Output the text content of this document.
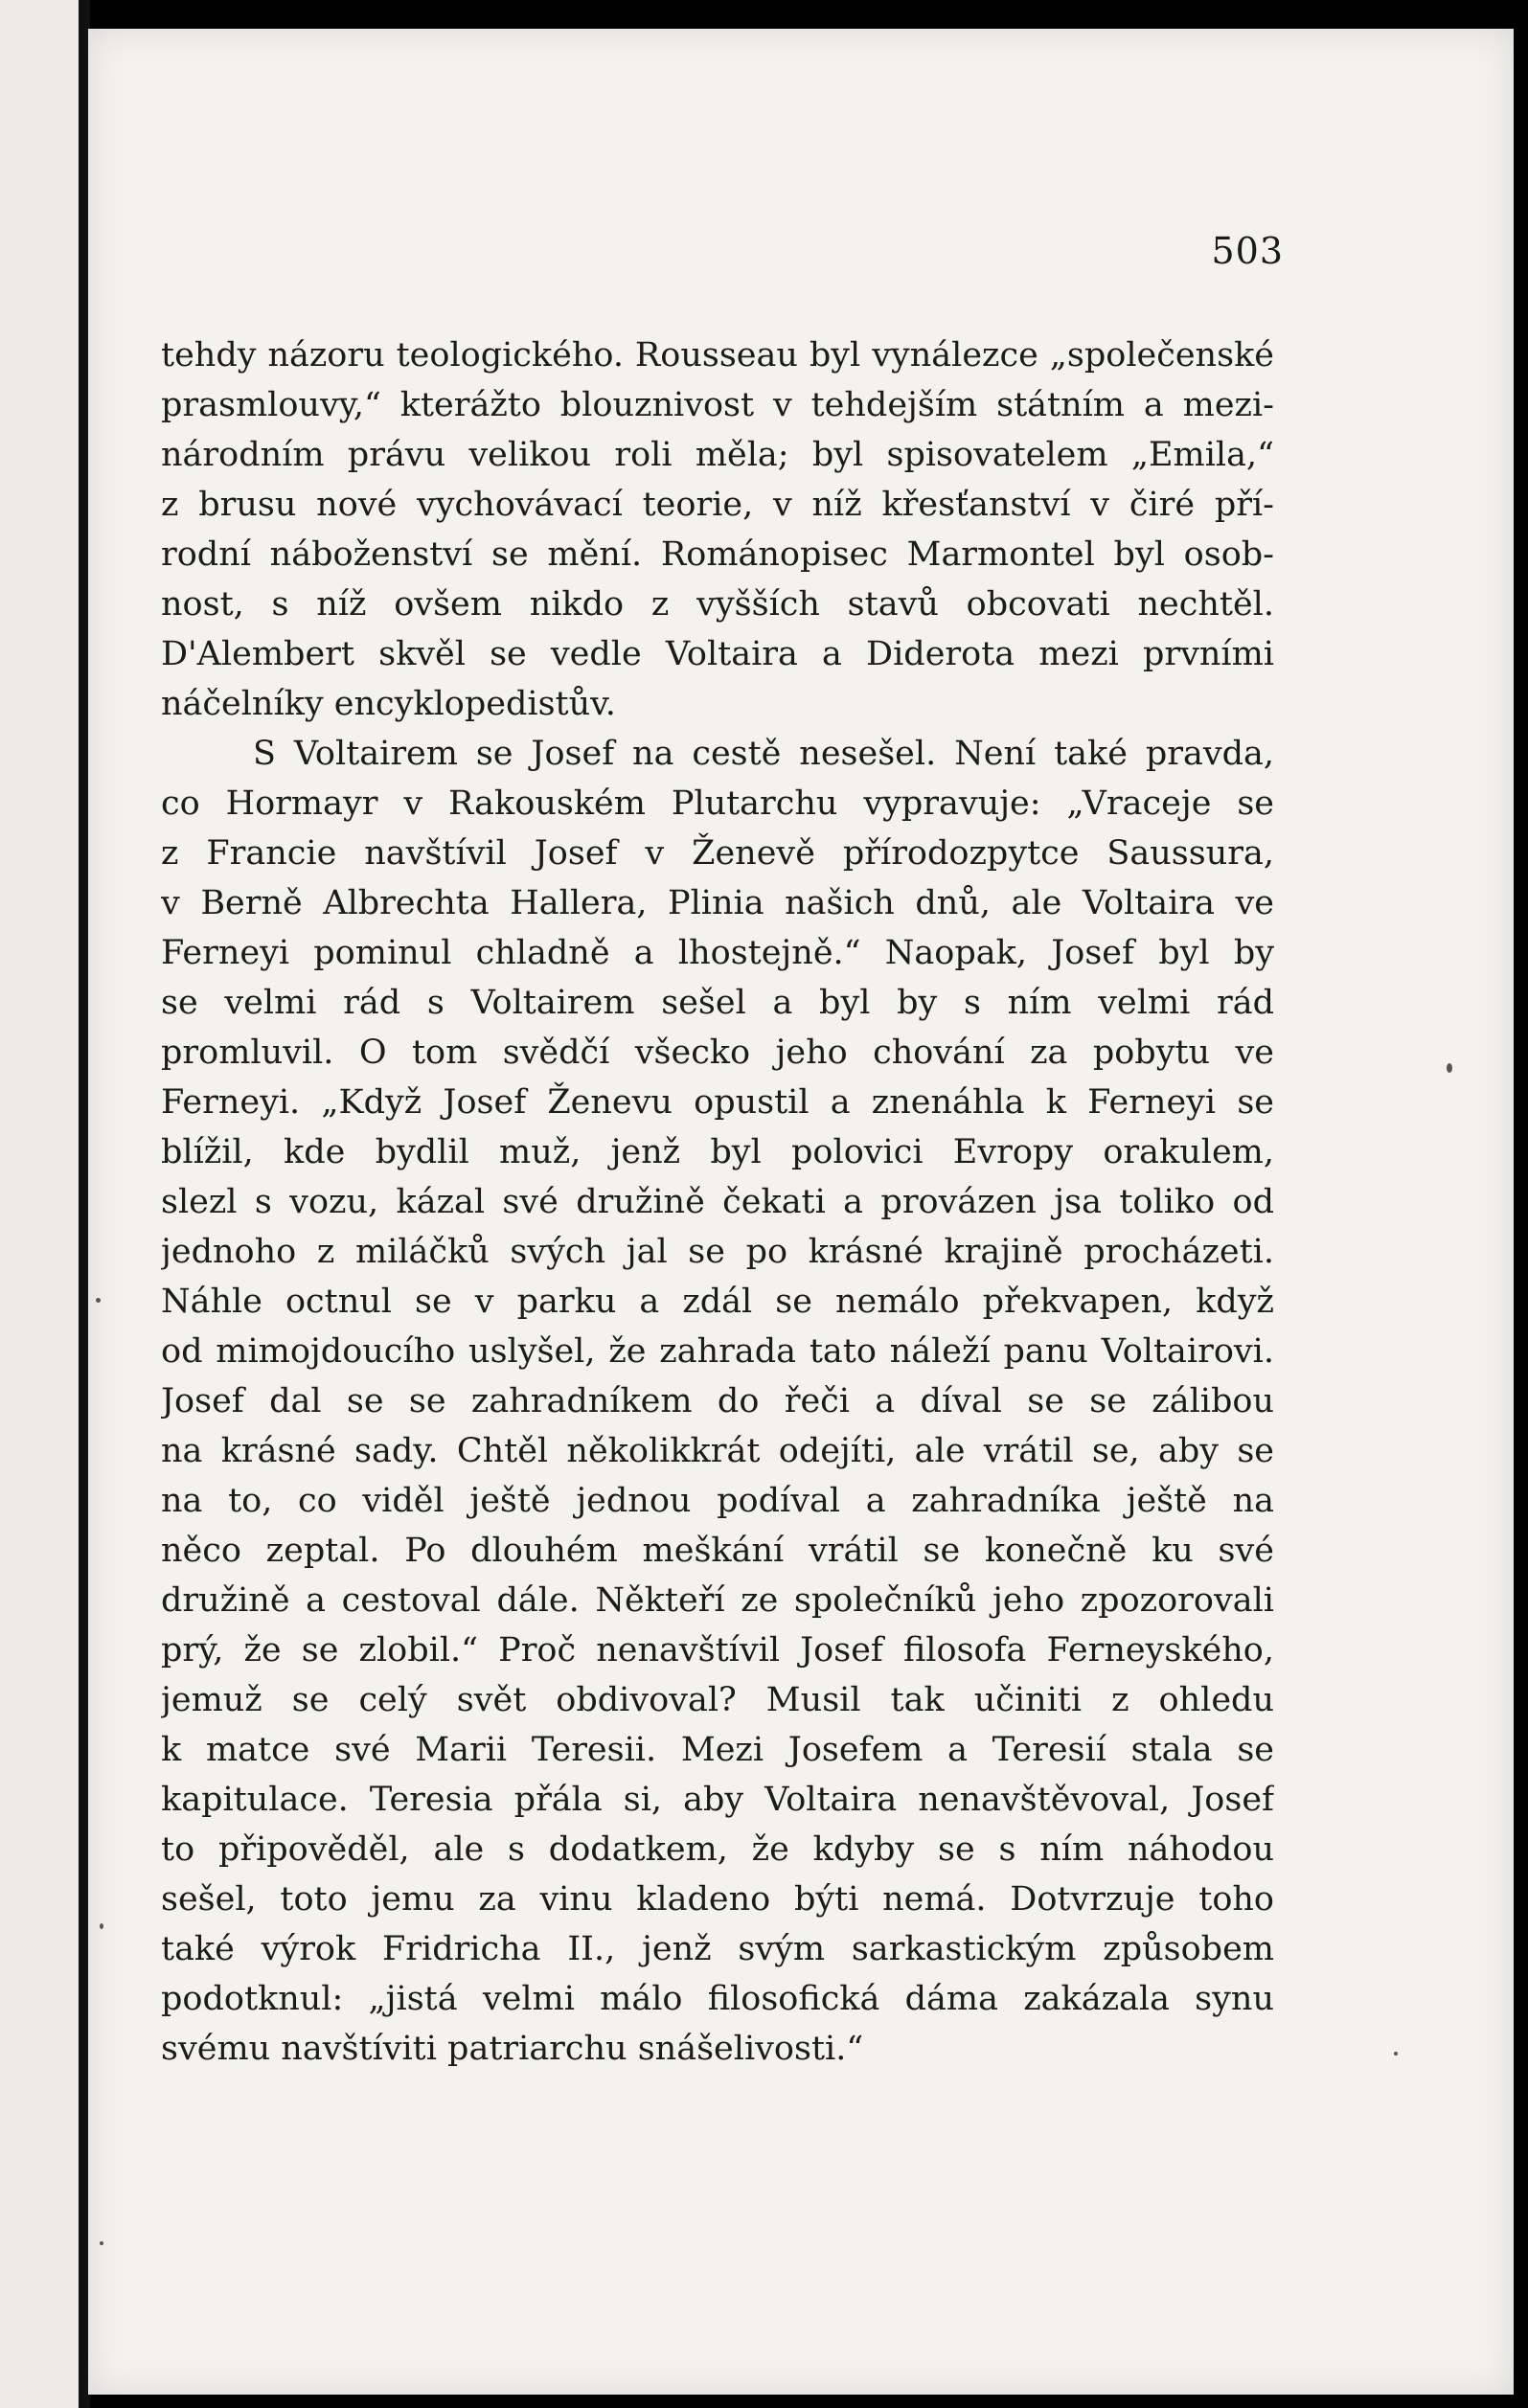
503
tehdy názoru teologického. Rousseau byl vynálezce „společenské
prasmlouvy,“ kterážto blouznivost v tehdejším státním a mezi-
národním právu velikou roli měla; byl spisovatelem „Emila,“
z brusu nové vychovávací teorie, v níž křesťanství v čiré pří-
rodní náboženství se mění. Románopisec Marmontel byl osob-
nost, s níž ovšem nikdo z vyšších stavů obcovati nechtěl.
D'Alembert skvěl se vedle Voltaira a Diderota mezi prvními
náčelníky encyklopedistův.
S Voltairem se Josef na cestě nesešel. Není také pravda,
co Hormayr v Rakouském Plutarchu vypravuje: „Vraceje se
z Francie navštívil Josef v Ženevě přírodozpytce Saussura,
v Berně Albrechta Hallera, Plinia našich dnů, ale Voltaira ve
Ferneyi pominul chladně a lhostejně.“ Naopak, Josef byl by
se velmi rád s Voltairem sešel a byl by s ním velmi rád
promluvil. O tom svědčí všecko jeho chování za pobytu ve
Ferneyi. „Když Josef Ženevu opustil a znenáhla k Ferneyi se
blížil, kde bydlil muž, jenž byl polovici Evropy orakulem,
slezl s vozu, kázal své družině čekati a provázen jsa toliko od
jednoho z miláčků svých jal se po krásné krajině procházeti.
Náhle octnul se v parku a zdál se nemálo překvapen, když
od mimojdoucího uslyšel, že zahrada tato náleží panu Voltairovi.
Josef dal se se zahradníkem do řeči a díval se se zálibou
na krásné sady. Chtěl několikkrát odejíti, ale vrátil se, aby se
na to, co viděl ještě jednou podíval a zahradníka ještě na
něco zeptal. Po dlouhém meškání vrátil se konečně ku své
družině a cestoval dále. Někteří ze společníků jeho zpozorovali
prý, že se zlobil.“ Proč nenavštívil Josef filosofa Ferneyského,
jemuž se celý svět obdivoval? Musil tak učiniti z ohledu
k matce své Marii Teresii. Mezi Josefem a Teresií stala se
kapitulace. Teresia přála si, aby Voltaira nenavštěvoval, Josef
to připověděl, ale s dodatkem, že kdyby se s ním náhodou
sešel, toto jemu za vinu kladeno býti nemá. Dotvrzuje toho
také výrok Fridricha II., jenž svým sarkastickým způsobem
podotknul: „jistá velmi málo filosofická dáma zakázala synu
svému navštíviti patriarchu snášelivosti.“
